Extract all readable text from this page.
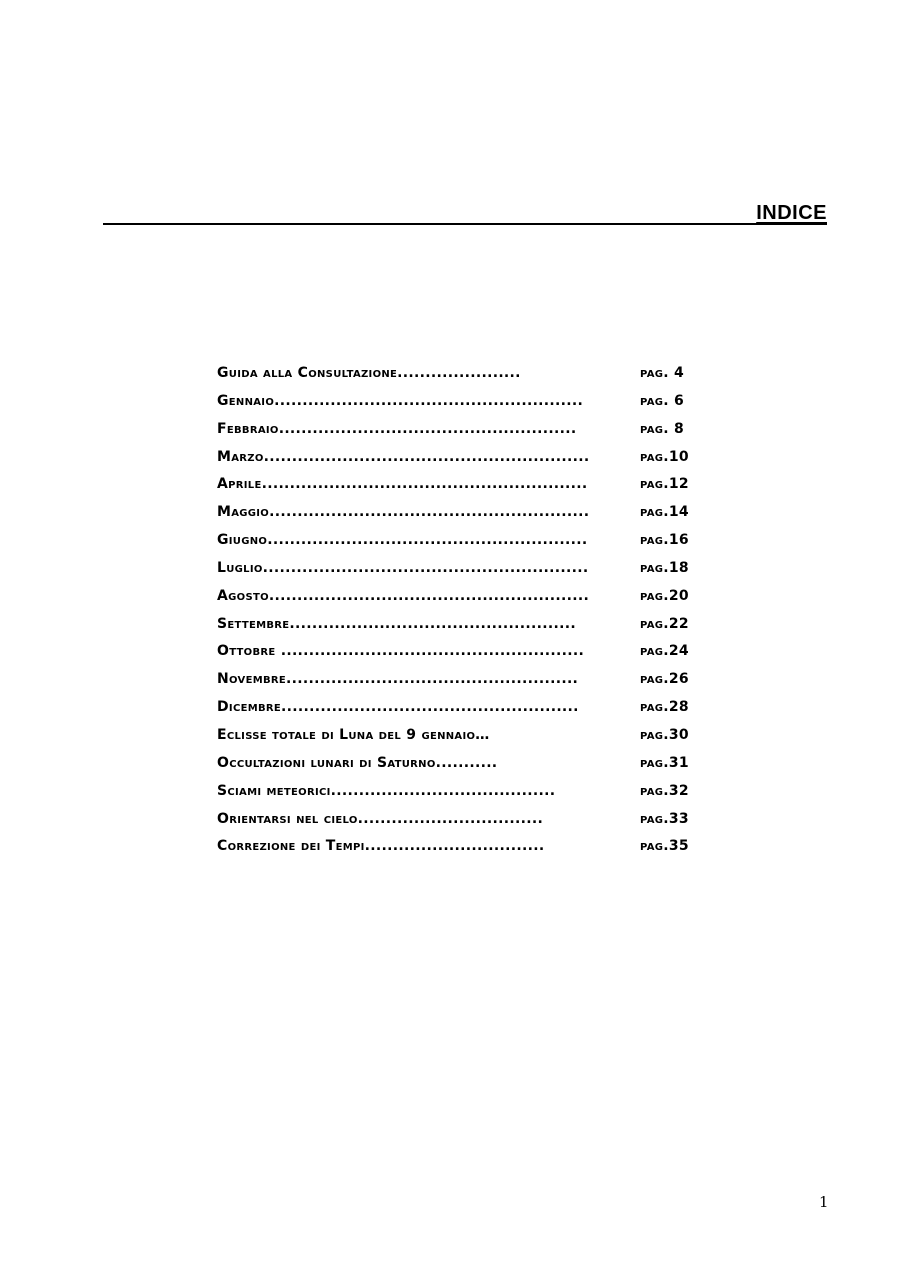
INDICE
Guida alla Consultazione......................	pag. 4
Gennaio.......................................................	pag. 6
Febbraio.....................................................	pag. 8
Marzo..........................................................	pag.10
Aprile..........................................................	pag.12
Maggio.........................................................	pag.14
Giugno.........................................................	pag.16
Luglio..........................................................	pag.18
Agosto.........................................................	pag.20
Settembre...................................................	pag.22
Ottobre ......................................................	pag.24
Novembre....................................................	pag.26
Dicembre.....................................................	pag.28
Eclisse totale di Luna del 9 gennaio…	pag.30
Occultazioni lunari di Saturno...........	pag.31
Sciami meteorici........................................	pag.32
Orientarsi nel cielo.................................	pag.33
Correzione dei Tempi................................	pag.35
1
